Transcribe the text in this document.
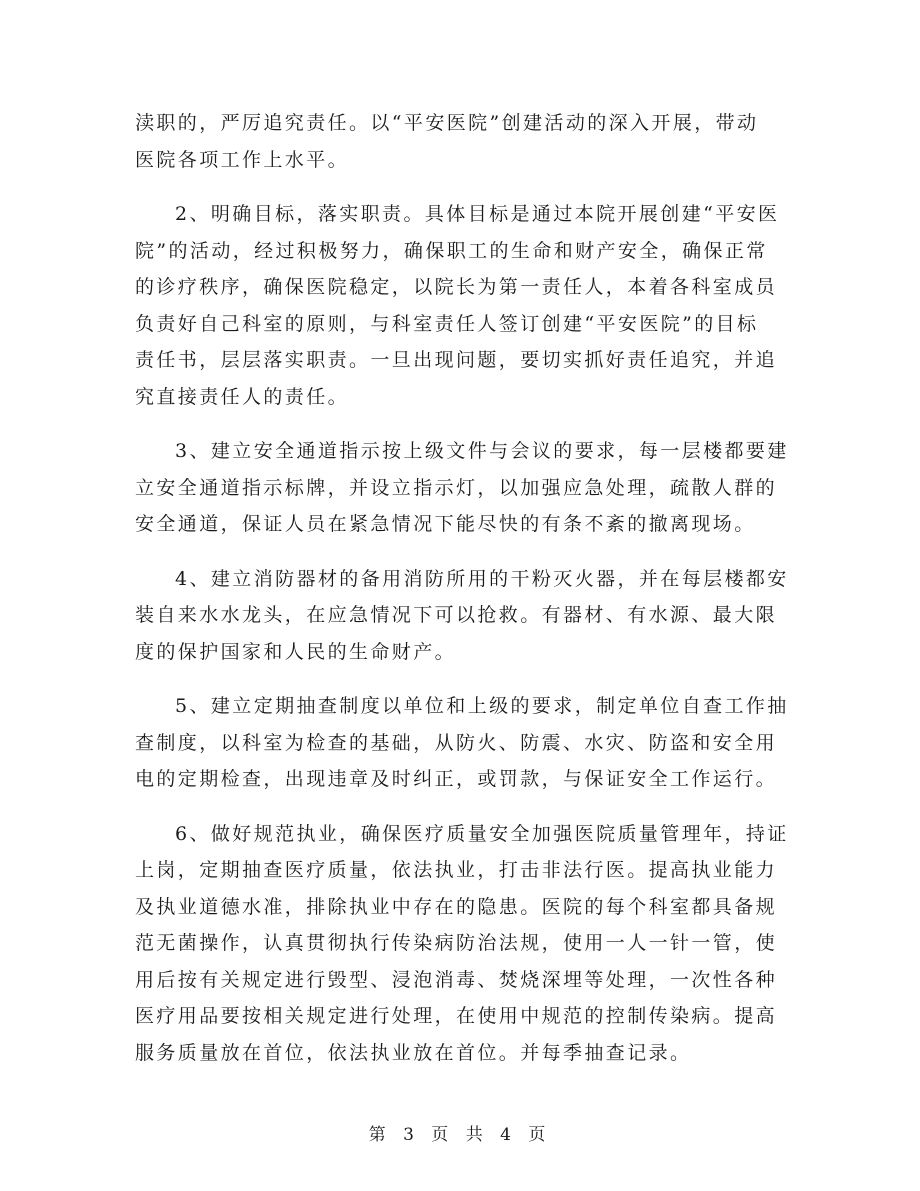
渎职的，严厉追究责任。以“平安医院”创建活动的深入开展，带动
医院各项工作上水平。
2、明确目标，落实职责。具体目标是通过本院开展创建“平安医
院”的活动，经过积极努力，确保职工的生命和财产安全，确保正常
的诊疗秩序，确保医院稳定，以院长为第一责任人，本着各科室成员
负责好自己科室的原则，与科室责任人签订创建“平安医院”的目标
责任书，层层落实职责。一旦出现问题，要切实抓好责任追究，并追
究直接责任人的责任。
3、建立安全通道指示按上级文件与会议的要求，每一层楼都要建
立安全通道指示标牌，并设立指示灯，以加强应急处理，疏散人群的
安全通道，保证人员在紧急情况下能尽快的有条不紊的撤离现场。
4、建立消防器材的备用消防所用的干粉灭火器，并在每层楼都安
装自来水水龙头，在应急情况下可以抢救。有器材、有水源、最大限
度的保护国家和人民的生命财产。
5、建立定期抽查制度以单位和上级的要求，制定单位自查工作抽
查制度，以科室为检查的基础，从防火、防震、水灾、防盗和安全用
电的定期检查，出现违章及时纠正，或罚款，与保证安全工作运行。
6、做好规范执业，确保医疗质量安全加强医院质量管理年，持证
上岗，定期抽查医疗质量，依法执业，打击非法行医。提高执业能力
及执业道德水准，排除执业中存在的隐患。医院的每个科室都具备规
范无菌操作，认真贯彻执行传染病防治法规，使用一人一针一管，使
用后按有关规定进行毁型、浸泡消毒、焚烧深埋等处理，一次性各种
医疗用品要按相关规定进行处理，在使用中规范的控制传染病。提高
服务质量放在首位，依法执业放在首位。并每季抽查记录。
第 3 页 共 4 页
